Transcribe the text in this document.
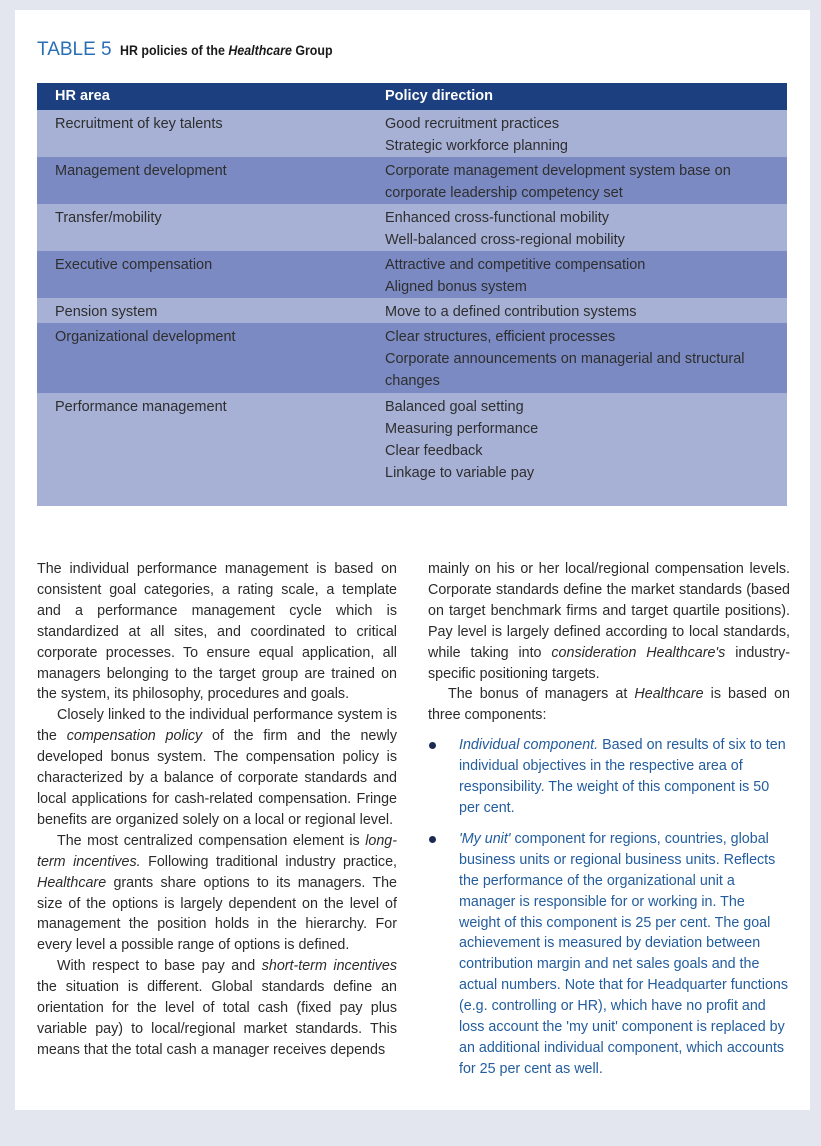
TABLE 5 HR policies of the Healthcare Group
HR area	Policy direction
Recruitment of key talents	Good recruitment practices
Strategic workforce planning
Management development	Corporate management development system base on
corporate leadership competency set
Transfer/mobility	Enhanced cross-functional mobility
Well-balanced cross-regional mobility
Executive compensation	Attractive and competitive compensation
Aligned bonus system
Pension system	Move to a defined contribution systems
Organizational development	Clear structures, efficient processes
Corporate announcements on managerial and structural
changes
Performance management	Balanced goal setting
Measuring performance
Clear feedback
Linkage to variable pay

The individual performance management is based on consistent goal categories, a rating scale, a template and a performance management cycle which is standardized at all sites, and coordinated to critical corporate processes. To ensure equal application, all managers belonging to the target group are trained on the system, its philosophy, procedures and goals.

Closely linked to the individual performance system is the compensation policy of the firm and the newly developed bonus system. The compensation policy is characterized by a balance of corporate standards and local applications for cash-related compensation. Fringe benefits are organized solely on a local or regional level.

The most centralized compensation element is long-term incentives. Following traditional industry practice, Healthcare grants share options to its managers. The size of the options is largely dependent on the level of management the position holds in the hierarchy. For every level a possible range of options is defined.

With respect to base pay and short-term incentives the situation is different. Global standards define an orientation for the level of total cash (fixed pay plus variable pay) to local/regional market standards. This means that the total cash a manager receives depends

mainly on his or her local/regional compensation levels. Corporate standards define the market standards (based on target benchmark firms and target quartile positions). Pay level is largely defined according to local standards, while taking into consideration Healthcare's industry-specific positioning targets.

The bonus of managers at Healthcare is based on three components:

Individual component. Based on results of six to ten individual objectives in the respective area of responsibility. The weight of this component is 50 per cent.
'My unit' component for regions, countries, global business units or regional business units. Reflects the performance of the organizational unit a manager is responsible for or working in. The weight of this component is 25 per cent. The goal achievement is measured by deviation between contribution margin and net sales goals and the actual numbers. Note that for Headquarter functions (e.g. controlling or HR), which have no profit and loss account the 'my unit' component is replaced by an additional individual component, which accounts for 25 per cent as well.
